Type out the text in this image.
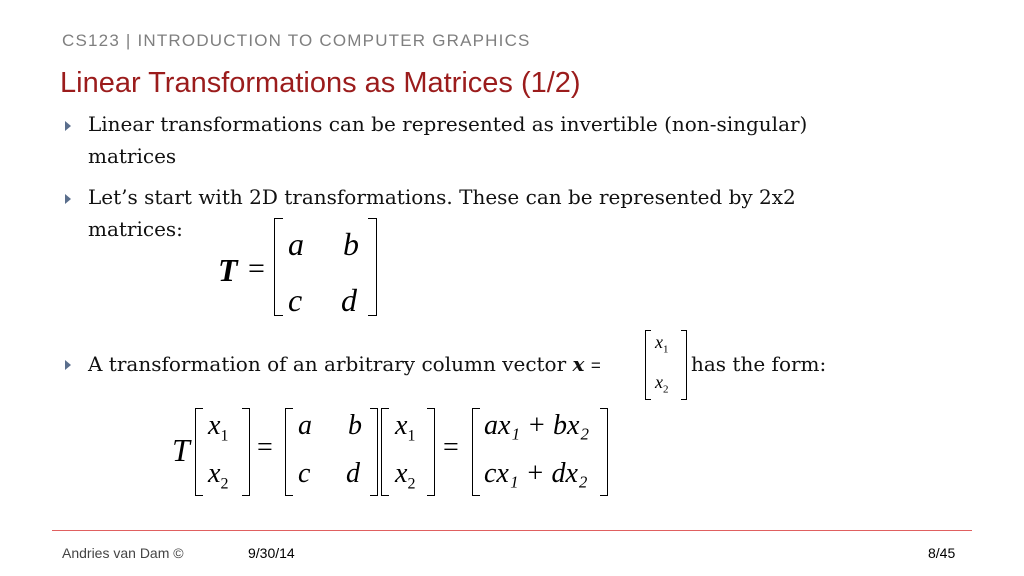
CS123 | INTRODUCTION TO COMPUTER GRAPHICS
Linear Transformations as Matrices (1/2)
Linear transformations can be represented as invertible (non-singular)
matrices
Let’s start with 2D transformations. These can be represented by 2x2
matrices:
T =
a b
c d
A transformation of an arbitrary column vector x =	has the form:
$x_1$
$x_2$
T
$x_1$
$x_2$
=
a b
c d
$x_1$
$x_2$
=
ax₁ + bx₂
cx₁ + dx₂
Andries van Dam ©	9/30/14	8/45
